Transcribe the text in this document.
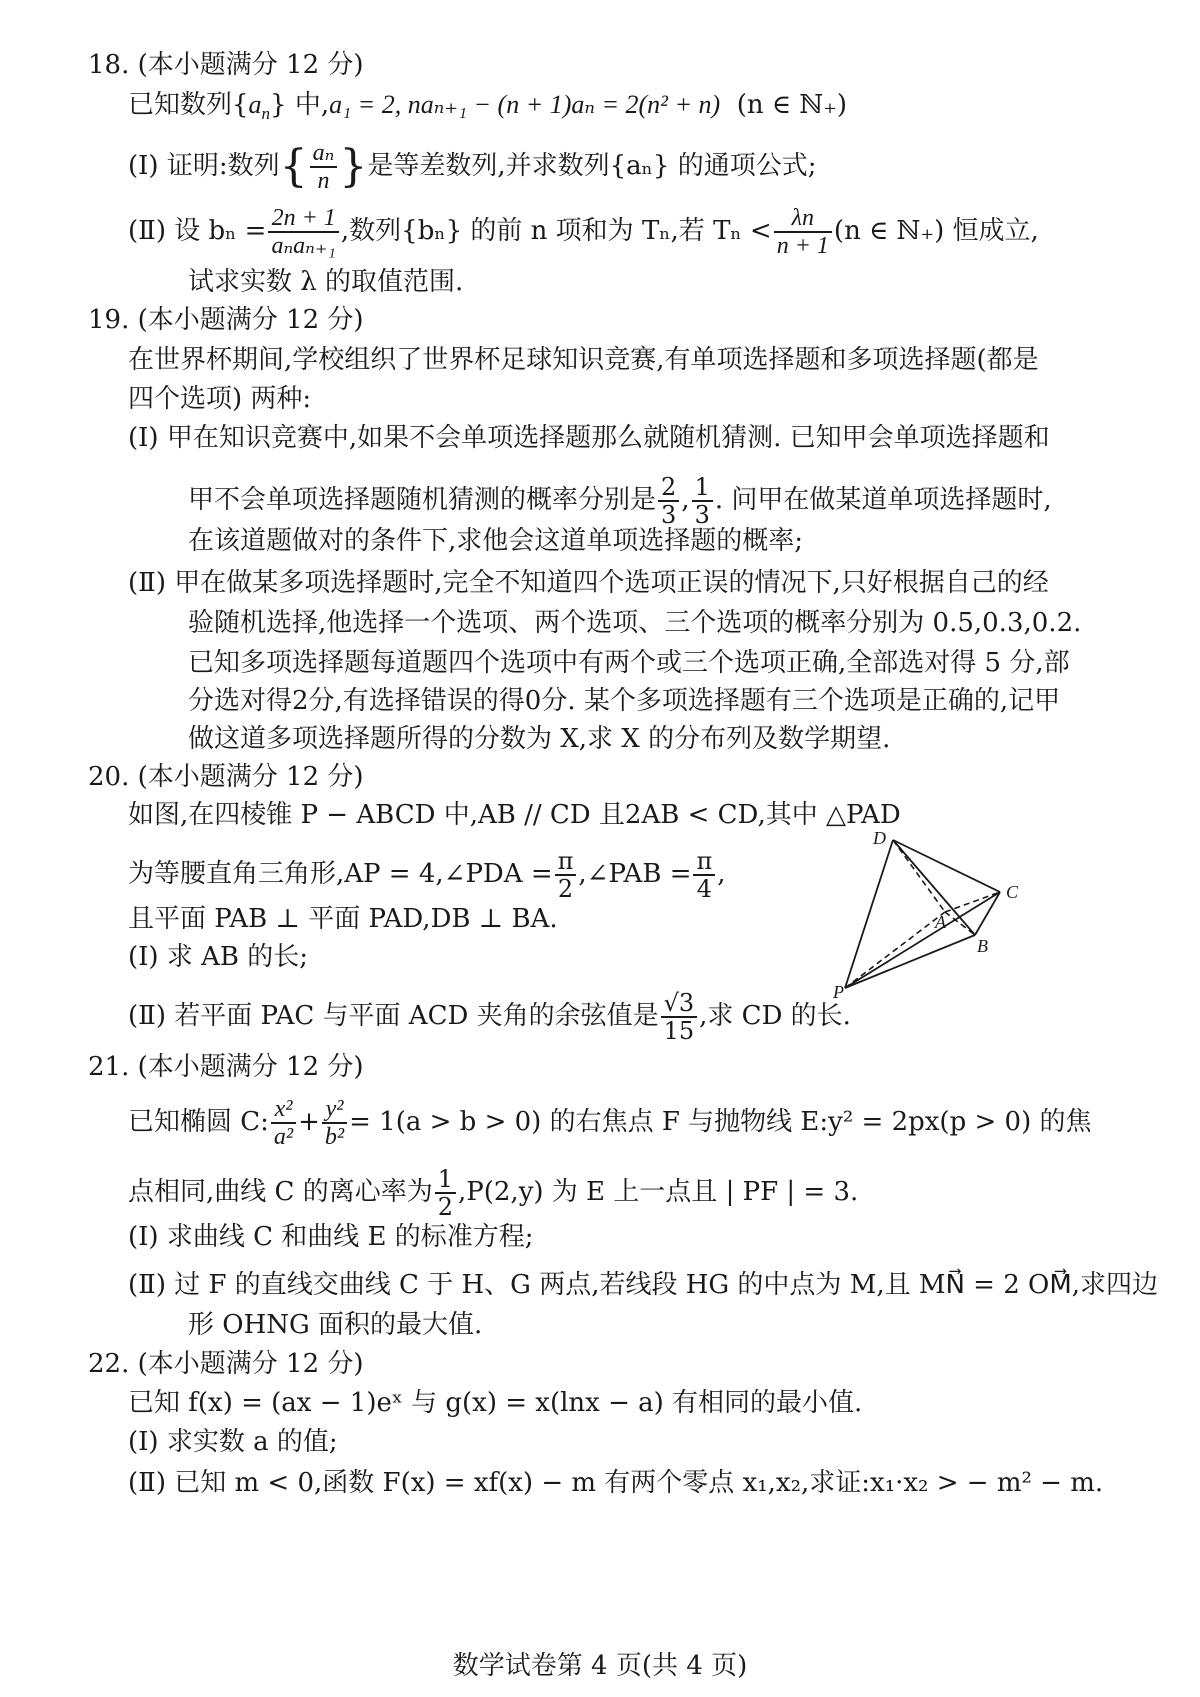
18. (本小题满分 12 分)
已知数列$\{a_n\}$ 中,a₁ = 2, naₙ₊₁ − (n + 1)aₙ = 2(n² + n) (n ∈ ℕ₊)
(Ⅰ) 证明:数列{ $\frac{\text{aₙ}}{n}$ }是等差数列,并求数列{aₙ} 的通项公式;
(Ⅱ) 设 $b_n = \frac{2n + 1}{\text{aₙaₙ₊₁}}$ ,数列{bₙ} 的前 n 项和为 Tₙ,若 $T_n < \frac{\lambda n}{n + 1} (n$ ∈ ℕ₊) 恒成立,
试求实数 λ 的取值范围.
19. (本小题满分 12 分)
在世界杯期间,学校组织了世界杯足球知识竞赛,有单项选择题和多项选择题(都是
四个选项) 两种:
(Ⅰ) 甲在知识竞赛中,如果不会单项选择题那么就随机猜测. 已知甲会单项选择题和
甲不会单项选择题随机猜测的概率分别是 $\frac{2}{3}$ , $\frac{1}{3}$ . 问甲在做某道单项选择题时,
在该道题做对的条件下,求他会这道单项选择题的概率;
(Ⅱ) 甲在做某多项选择题时,完全不知道四个选项正误的情况下,只好根据自己的经
验随机选择,他选择一个选项、两个选项、三个选项的概率分别为 0.5,0.3,0.2.
已知多项选择题每道题四个选项中有两个或三个选项正确,全部选对得 5 分,部
分选对得2分,有选择错误的得0分. 某个多项选择题有三个选项是正确的,记甲
做这道多项选择题所得的分数为 X,求 X 的分布列及数学期望.
20. (本小题满分 12 分)
如图,在四棱锥 P − ABCD 中,AB // CD 且2AB < CD,其中 △PAD
为等腰直角三角形,AP = 4,∠PDA = $\frac{\pi}{2}$ ,∠PAB = $\frac{\pi}{4}$ ,
且平面 PAB ⊥ 平面 PAD,DB ⊥ BA.
(Ⅰ) 求 AB 的长;
(Ⅱ) 若平面 PAC 与平面 ACD 夹角的余弦值是 $\frac{√3}{15}$ ,求 CD 的长.
D
C
A
B
P
21. (本小题满分 12 分)
已知椭圆 C: $\frac{\text{x²}}{\text{a²}} + \frac{\text{y²}}{\text{b²}} = 1(a > b > 0)$ 的右焦点 F 与抛物线 E:y² = 2px(p > 0) 的焦
点相同,曲线 C 的离心率为 $\frac{1}{2} ,P(2,y)$ 为 E 上一点且 | PF | = 3.
(Ⅰ) 求曲线 C 和曲线 E 的标准方程;
(Ⅱ) 过 F 的直线交曲线 C 于 H、G 两点,若线段 HG 的中点为 M,且 MN⃗ = 2 OM⃗,求四边
形 OHNG 面积的最大值.
22. (本小题满分 12 分)
已知 f(x) = (ax − 1)eˣ 与 g(x) = x(lnx − a) 有相同的最小值.
(Ⅰ) 求实数 a 的值;
(Ⅱ) 已知 m < 0,函数 F(x) = xf(x) − m 有两个零点 x₁,x₂,求证:x₁·x₂ > − m² − m.
数学试卷第 4 页(共 4 页)
